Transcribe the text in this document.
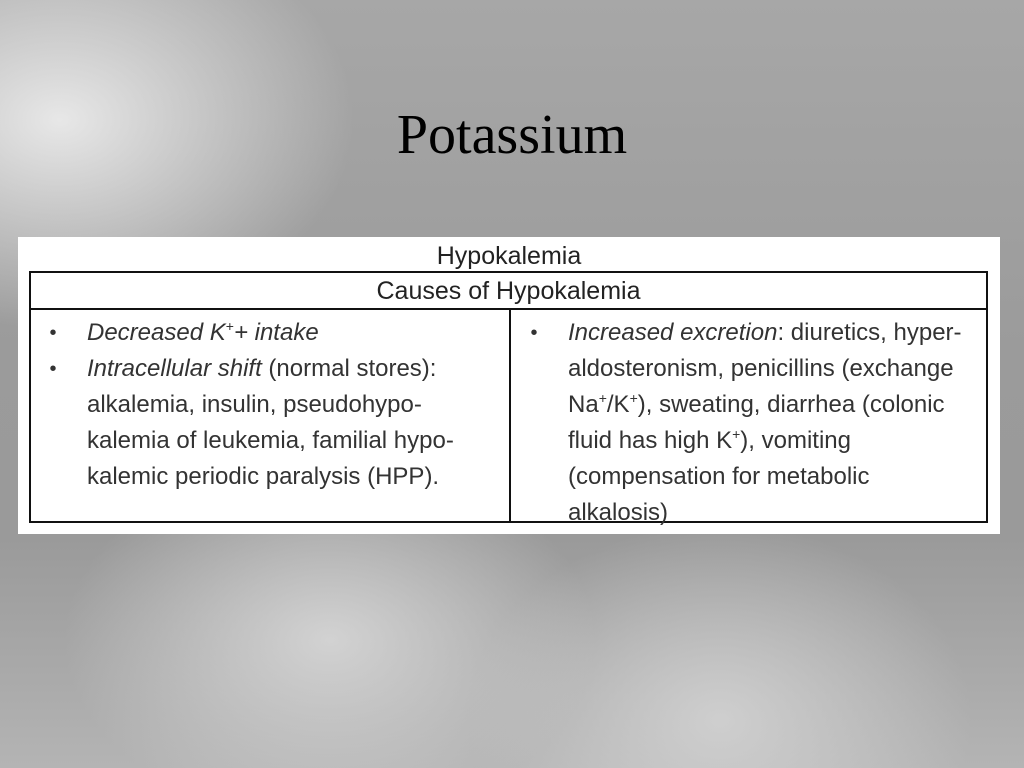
Potassium
Hypokalemia
Causes of Hypokalemia
• Decreased K++ intake
• Intracellular shift (normal stores): alkalemia, insulin, pseudohypo-kalemia of leukemia, familial hypo-kalemic periodic paralysis (HPP).
• Increased excretion: diuretics, hyper-aldosteronism, penicillins (exchange Na+/K+), sweating, diarrhea (colonic fluid has high K+), vomiting (compensation for metabolic alkalosis)
